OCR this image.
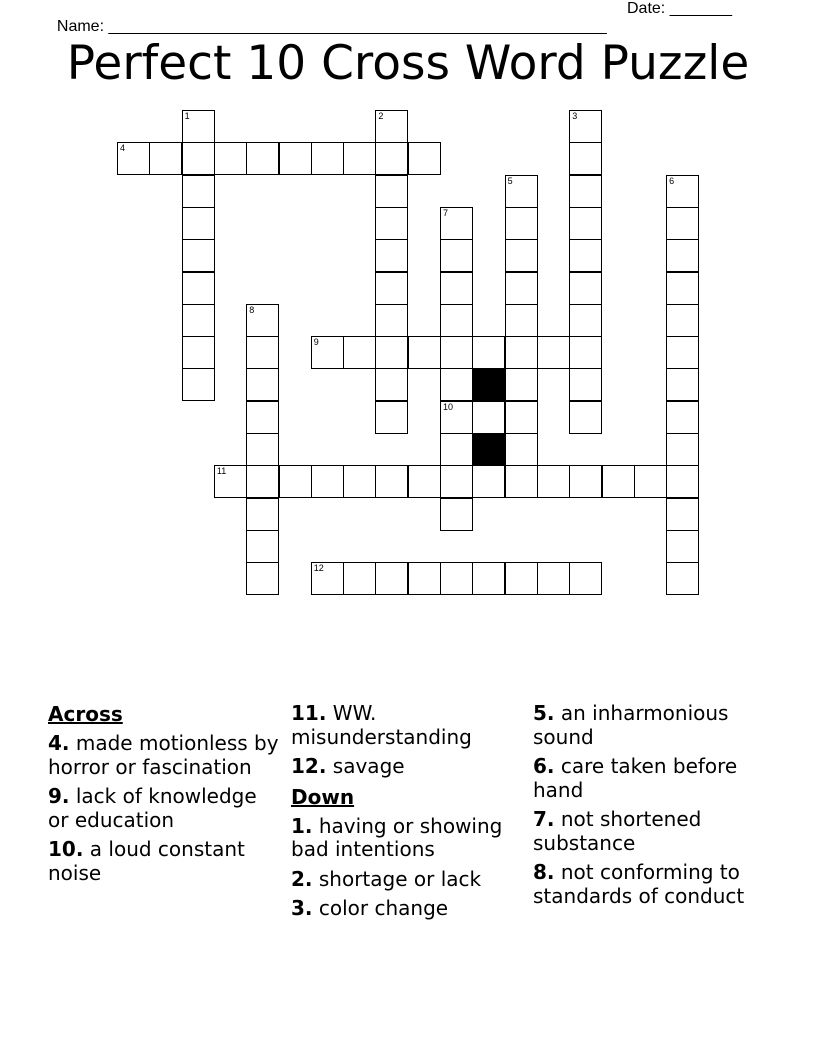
Name: ________________________________________________________

Date: _______

Perfect 10 Cross Word Puzzle
4
9
11
12
1	2	3
5	6
7
10
8
Across
4. made motionless by horror or fascination
9. lack of knowledge or education
10. a loud constant noise
11. WW. misunderstanding
12. savage
Down
1. having or showing bad intentions
2. shortage or lack
3. color change
5. an inharmonious sound
6. care taken before hand
7. not shortened substance
8. not conforming to standards of conduct
